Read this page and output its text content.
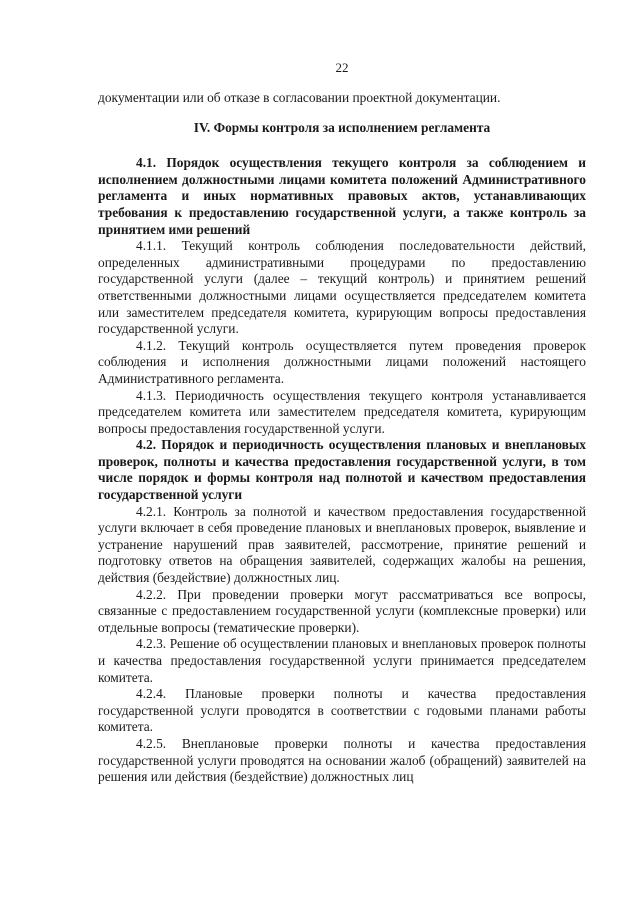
22

документации или об отказе в согласовании проектной документации.

IV. Формы контроля за исполнением регламента

4.1. Порядок осуществления текущего контроля за соблюдением и исполнением должностными лицами комитета положений Административного регламента и иных нормативных правовых актов, устанавливающих требования к предоставлению государственной услуги, а также контроль за принятием ими решений

4.1.1. Текущий контроль соблюдения последовательности действий, определенных административными процедурами по предоставлению государственной услуги (далее – текущий контроль) и принятием решений ответственными должностными лицами осуществляется председателем комитета или заместителем председателя комитета, курирующим вопросы предоставления государственной услуги.

4.1.2. Текущий контроль осуществляется путем проведения проверок соблюдения и исполнения должностными лицами положений настоящего Административного регламента.

4.1.3. Периодичность осуществления текущего контроля устанавливается председателем комитета или заместителем председателя комитета, курирующим вопросы предоставления государственной услуги.

4.2. Порядок и периодичность осуществления плановых и внеплановых проверок, полноты и качества предоставления государственной услуги, в том числе порядок и формы контроля над полнотой и качеством предоставления государственной услуги

4.2.1. Контроль за полнотой и качеством предоставления государственной услуги включает в себя проведение плановых и внеплановых проверок, выявление и устранение нарушений прав заявителей, рассмотрение, принятие решений и подготовку ответов на обращения заявителей, содержащих жалобы на решения, действия (бездействие) должностных лиц.

4.2.2. При проведении проверки могут рассматриваться все вопросы, связанные с предоставлением государственной услуги (комплексные проверки) или отдельные вопросы (тематические проверки).

4.2.3. Решение об осуществлении плановых и внеплановых проверок полноты и качества предоставления государственной услуги принимается председателем комитета.

4.2.4. Плановые проверки полноты и качества предоставления государственной услуги проводятся в соответствии с годовыми планами работы комитета.

4.2.5. Внеплановые проверки полноты и качества предоставления государственной услуги проводятся на основании жалоб (обращений) заявителей на решения или действия (бездействие) должностных лиц
